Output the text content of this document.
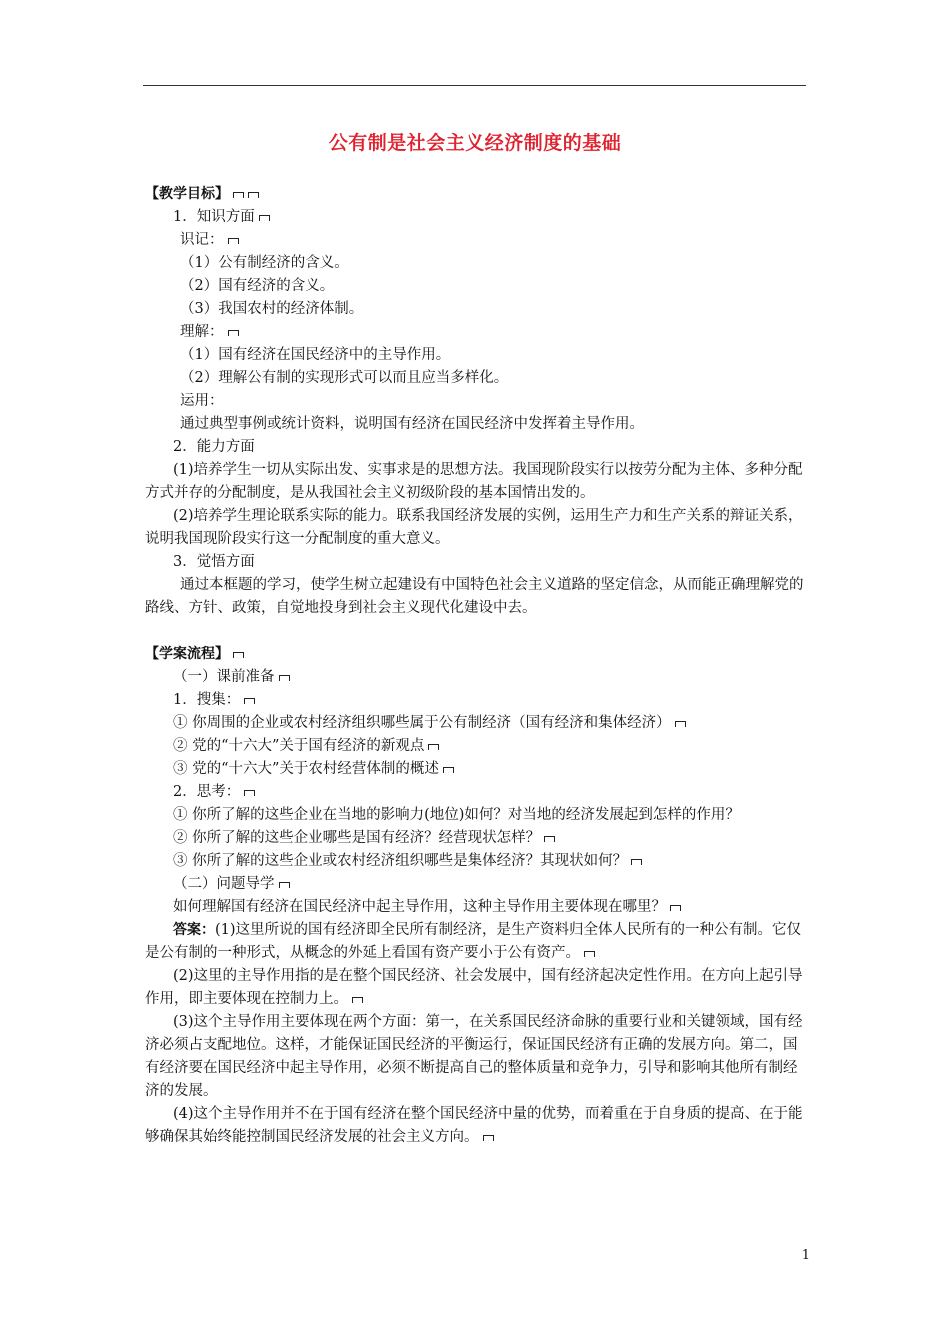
公有制是社会主义经济制度的基础
【教学目标】
1．知识方面
识记：
（1）公有制经济的含义。
（2）国有经济的含义。
（3）我国农村的经济体制。
理解：
（1）国有经济在国民经济中的主导作用。
（2）理解公有制的实现形式可以而且应当多样化。
运用：
通过典型事例或统计资料，说明国有经济在国民经济中发挥着主导作用。
2．能力方面

(1)培养学生一切从实际出发、实事求是的思想方法。我国现阶段实行以按劳分配为主体、多种分配方式并存的分配制度，是从我国社会主义初级阶段的基本国情出发的。

(2)培养学生理论联系实际的能力。联系我国经济发展的实例，运用生产力和生产关系的辩证关系，说明我国现阶段实行这一分配制度的重大意义。

3．觉悟方面

通过本框题的学习，使学生树立起建设有中国特色社会主义道路的坚定信念，从而能正确理解党的路线、方针、政策，自觉地投身到社会主义现代化建设中去。

【学案流程】
（一）课前准备
1．搜集：
① 你周围的企业或农村经济组织哪些属于公有制经济（国有经济和集体经济）
② 党的“十六大”关于国有经济的新观点
③ 党的“十六大”关于农村经营体制的概述
2．思考：

① 你所了解的这些企业在当地的影响力(地位)如何？对当地的经济发展起到怎样的作用？

② 你所了解的这些企业哪些是国有经济？经营现状怎样？
③ 你所了解的这些企业或农村经济组织哪些是集体经济？其现状如何？
（二）问题导学
如何理解国有经济在国民经济中起主导作用，这种主导作用主要体现在哪里？

答案：(1)这里所说的国有经济即全民所有制经济，是生产资料归全体人民所有的一种公有制。它仅是公有制的一种形式，从概念的外延上看国有资产要小于公有资产。

(2)这里的主导作用指的是在整个国民经济、社会发展中，国有经济起决定性作用。在方向上起引导作用，即主要体现在控制力上。

(3)这个主导作用主要体现在两个方面：第一，在关系国民经济命脉的重要行业和关键领域，国有经济必须占支配地位。这样，才能保证国民经济的平衡运行，保证国民经济有正确的发展方向。第二，国有经济要在国民经济中起主导作用，必须不断提高自己的整体质量和竞争力，引导和影响其他所有制经济的发展。

(4)这个主导作用并不在于国有经济在整个国民经济中量的优势，而着重在于自身质的提高、在于能够确保其始终能控制国民经济发展的社会主义方向。

1
